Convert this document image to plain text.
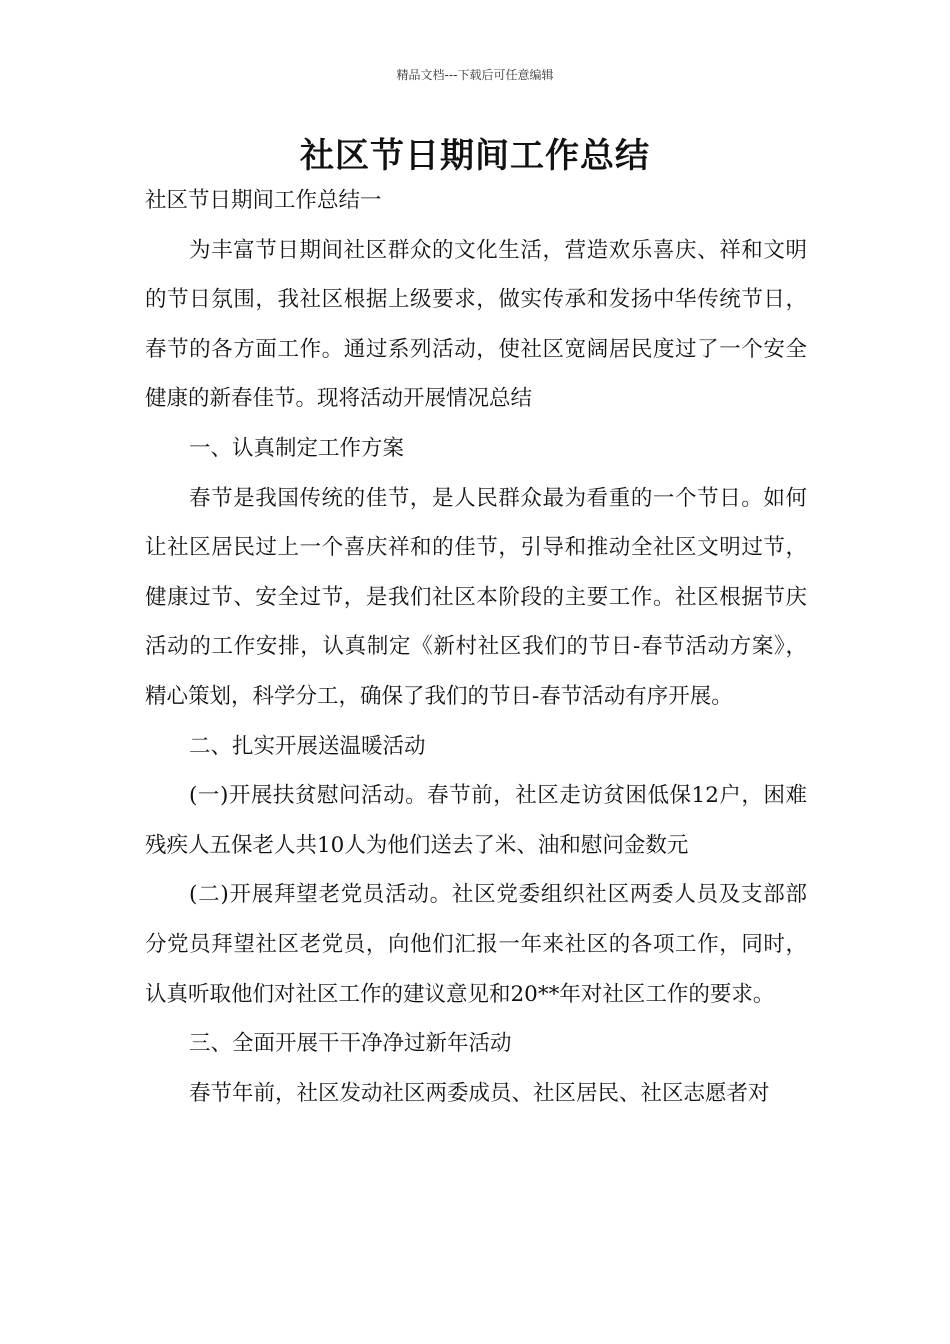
精品文档---下载后可任意编辑
社区节日期间工作总结

社区节日期间工作总结一

为丰富节日期间社区群众的文化生活，营造欢乐喜庆、祥和文明的节日氛围，我社区根据上级要求，做实传承和发扬中华传统节日，春节的各方面工作。通过系列活动，使社区宽阔居民度过了一个安全健康的新春佳节。现将活动开展情况总结

一、认真制定工作方案

春节是我国传统的佳节，是人民群众最为看重的一个节日。如何让社区居民过上一个喜庆祥和的佳节，引导和推动全社区文明过节，健康过节、安全过节，是我们社区本阶段的主要工作。社区根据节庆活动的工作安排，认真制定《新村社区我们的节日-春节活动方案》，精心策划，科学分工，确保了我们的节日-春节活动有序开展。

二、扎实开展送温暖活动

(一)开展扶贫慰问活动。春节前，社区走访贫困低保12户，困难残疾人五保老人共10人为他们送去了米、油和慰问金数元

(二)开展拜望老党员活动。社区党委组织社区两委人员及支部部分党员拜望社区老党员，向他们汇报一年来社区的各项工作，同时，认真听取他们对社区工作的建议意见和20**年对社区工作的要求。

三、全面开展干干净净过新年活动

春节年前，社区发动社区两委成员、社区居民、社区志愿者对
